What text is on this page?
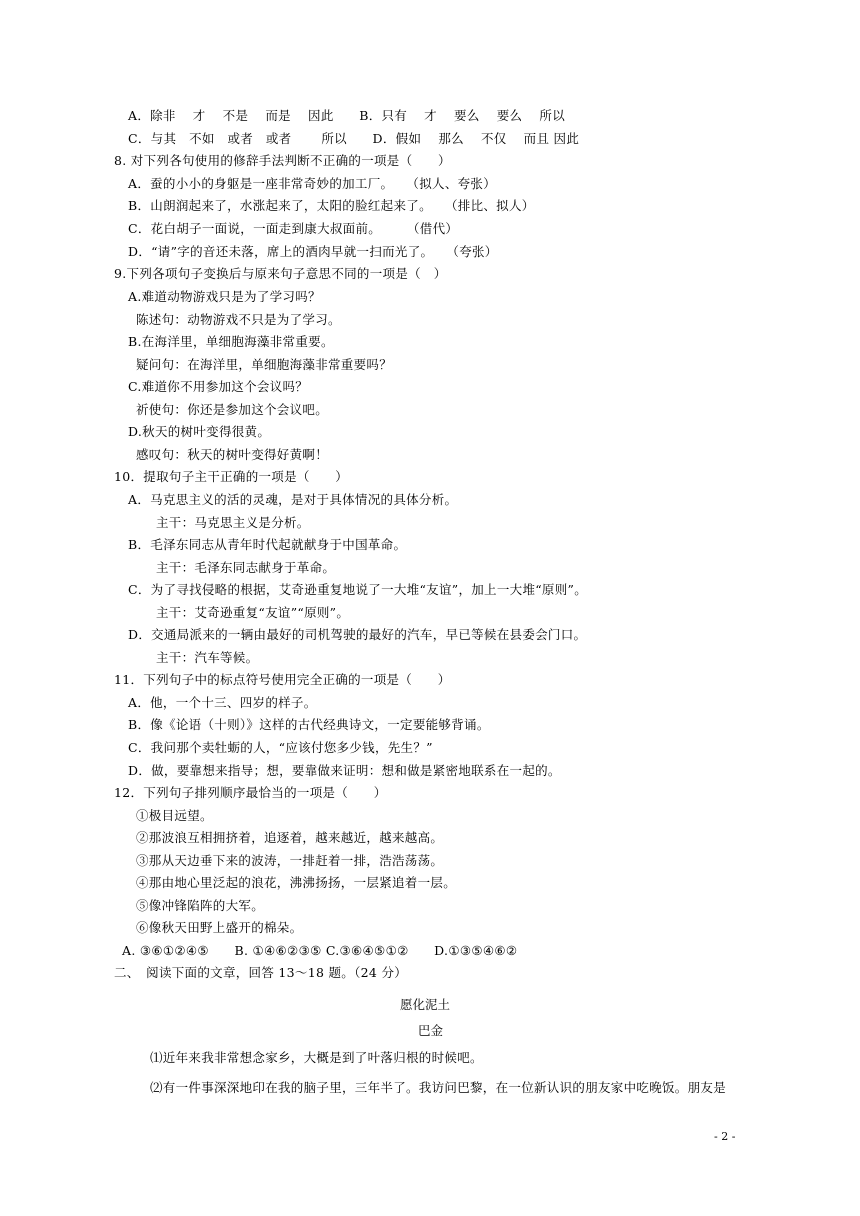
A．除非　 才　 不是　 而是　 因此　　B．只有　 才　 要么　 要么　 所以
C．与其　不如　或者　或者　　 所以　　D．假如　 那么　 不仅　 而且 因此
8. 对下列各句使用的修辞手法判断不正确的一项是（　　）
A．蚕的小小的身躯是一座非常奇妙的加工厂。　　（拟人、夸张）
B．山朗润起来了，水涨起来了，太阳的脸红起来了。　　（排比、拟人）
C．花白胡子一面说，一面走到康大叔面前。　　　（借代）
D．“请”字的音还未落，席上的酒肉早就一扫而光了。　　（夸张）
9.下列各项句子变换后与原来句子意思不同的一项是（　）
A.难道动物游戏只是为了学习吗？
陈述句：动物游戏不只是为了学习。
B.在海洋里，单细胞海藻非常重要。
疑问句：在海洋里，单细胞海藻非常重要吗？
C.难道你不用参加这个会议吗？
祈使句：你还是参加这个会议吧。
D.秋天的树叶变得很黄。
感叹句：秋天的树叶变得好黄啊！
10．提取句子主干正确的一项是（　　）
A．马克思主义的活的灵魂，是对于具体情况的具体分析。
主干：马克思主义是分析。
B．毛泽东同志从青年时代起就献身于中国革命。
主干：毛泽东同志献身于革命。
C．为了寻找侵略的根据，艾奇逊重复地说了一大堆“友谊”，加上一大堆“原则”。
主干：艾奇逊重复“友谊”“原则”。
D．交通局派来的一辆由最好的司机驾驶的最好的汽车，早已等候在县委会门口。
主干：汽车等候。
11．下列句子中的标点符号使用完全正确的一项是（　　）
A．他，一个十三、四岁的样子。
B．像《论语（十则）》这样的古代经典诗文，一定要能够背诵。
C．我问那个卖牡蛎的人，“应该付您多少钱，先生？”
D．做，要靠想来指导；想，要靠做来证明：想和做是紧密地联系在一起的。
12．下列句子排列顺序最恰当的一项是（　　）
①极目远望。
②那波浪互相拥挤着，追逐着，越来越近，越来越高。
③那从天边垂下来的波涛，一排赶着一排，浩浩荡荡。
④那由地心里泛起的浪花，沸沸扬扬，一层紧追着一层。
⑤像冲锋陷阵的大军。
⑥像秋天田野上盛开的棉朵。
A. ③⑥①②④⑤　　B. ①④⑥②③⑤ C.③⑥④⑤①②　　D.①③⑤④⑥②
二、　阅读下面的文章，回答 13～18 题。（24 分）
愿化泥土
巴金
⑴近年来我非常想念家乡，大概是到了叶落归根的时候吧。
⑵有一件事深深地印在我的脑子里，三年半了。我访问巴黎，在一位新认识的朋友家中吃晚饭。朋友是
- 2 -
